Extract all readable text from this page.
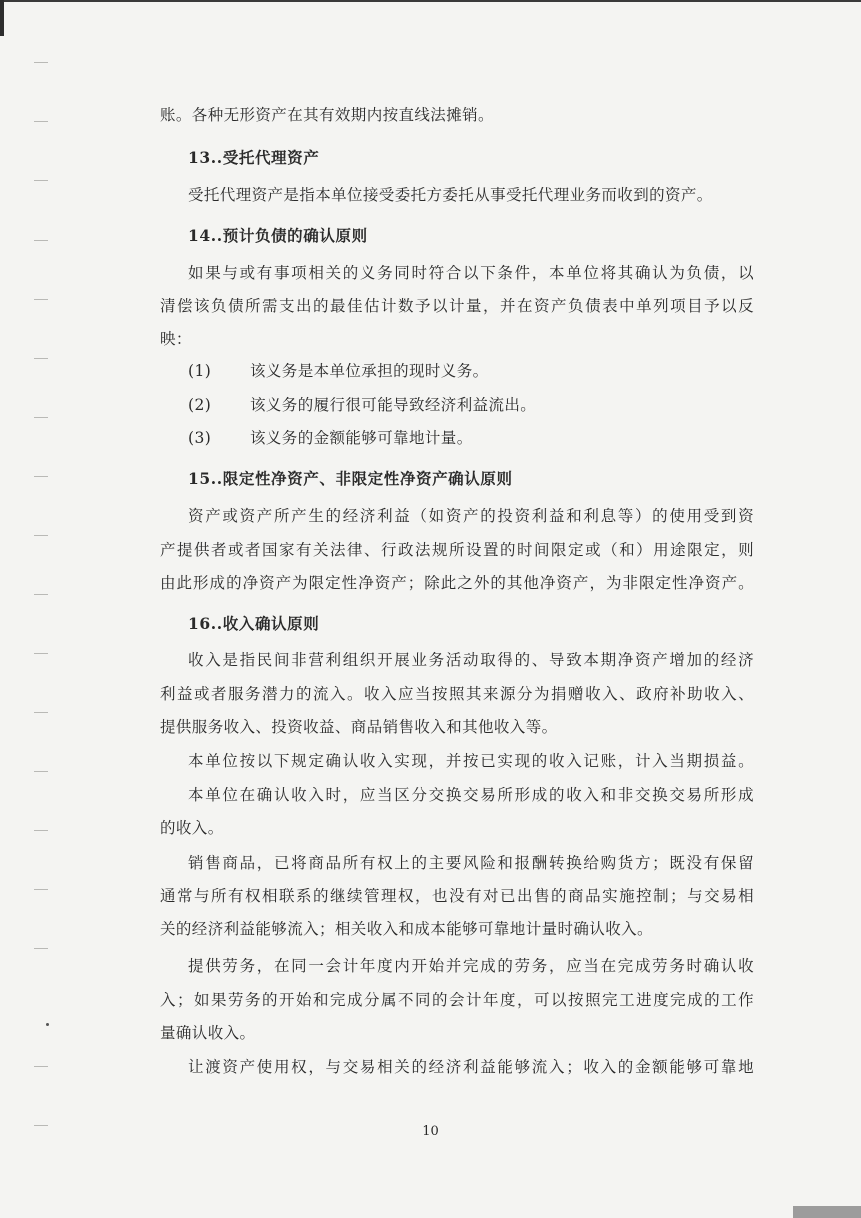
账。各种无形资产在其有效期内按直线法摊销。
13..受托代理资产
受托代理资产是指本单位接受委托方委托从事受托代理业务而收到的资产。
14..预计负债的确认原则
如果与或有事项相关的义务同时符合以下条件，本单位将其确认为负债，以
清偿该负债所需支出的最佳估计数予以计量，并在资产负债表中单列项目予以反
映：
(1)	该义务是本单位承担的现时义务。
(2)	该义务的履行很可能导致经济利益流出。
(3)	该义务的金额能够可靠地计量。
15..限定性净资产、非限定性净资产确认原则
资产或资产所产生的经济利益（如资产的投资利益和利息等）的使用受到资
产提供者或者国家有关法律、行政法规所设置的时间限定或（和）用途限定，则
由此形成的净资产为限定性净资产；除此之外的其他净资产，为非限定性净资产。
16..收入确认原则
收入是指民间非营利组织开展业务活动取得的、导致本期净资产增加的经济
利益或者服务潜力的流入。收入应当按照其来源分为捐赠收入、政府补助收入、
提供服务收入、投资收益、商品销售收入和其他收入等。
本单位按以下规定确认收入实现，并按已实现的收入记账，计入当期损益。
本单位在确认收入时，应当区分交换交易所形成的收入和非交换交易所形成
的收入。
销售商品，已将商品所有权上的主要风险和报酬转换给购货方；既没有保留
通常与所有权相联系的继续管理权，也没有对已出售的商品实施控制；与交易相
关的经济利益能够流入；相关收入和成本能够可靠地计量时确认收入。
提供劳务，在同一会计年度内开始并完成的劳务，应当在完成劳务时确认收
入；如果劳务的开始和完成分属不同的会计年度，可以按照完工进度完成的工作
量确认收入。
让渡资产使用权，与交易相关的经济利益能够流入；收入的金额能够可靠地
10
